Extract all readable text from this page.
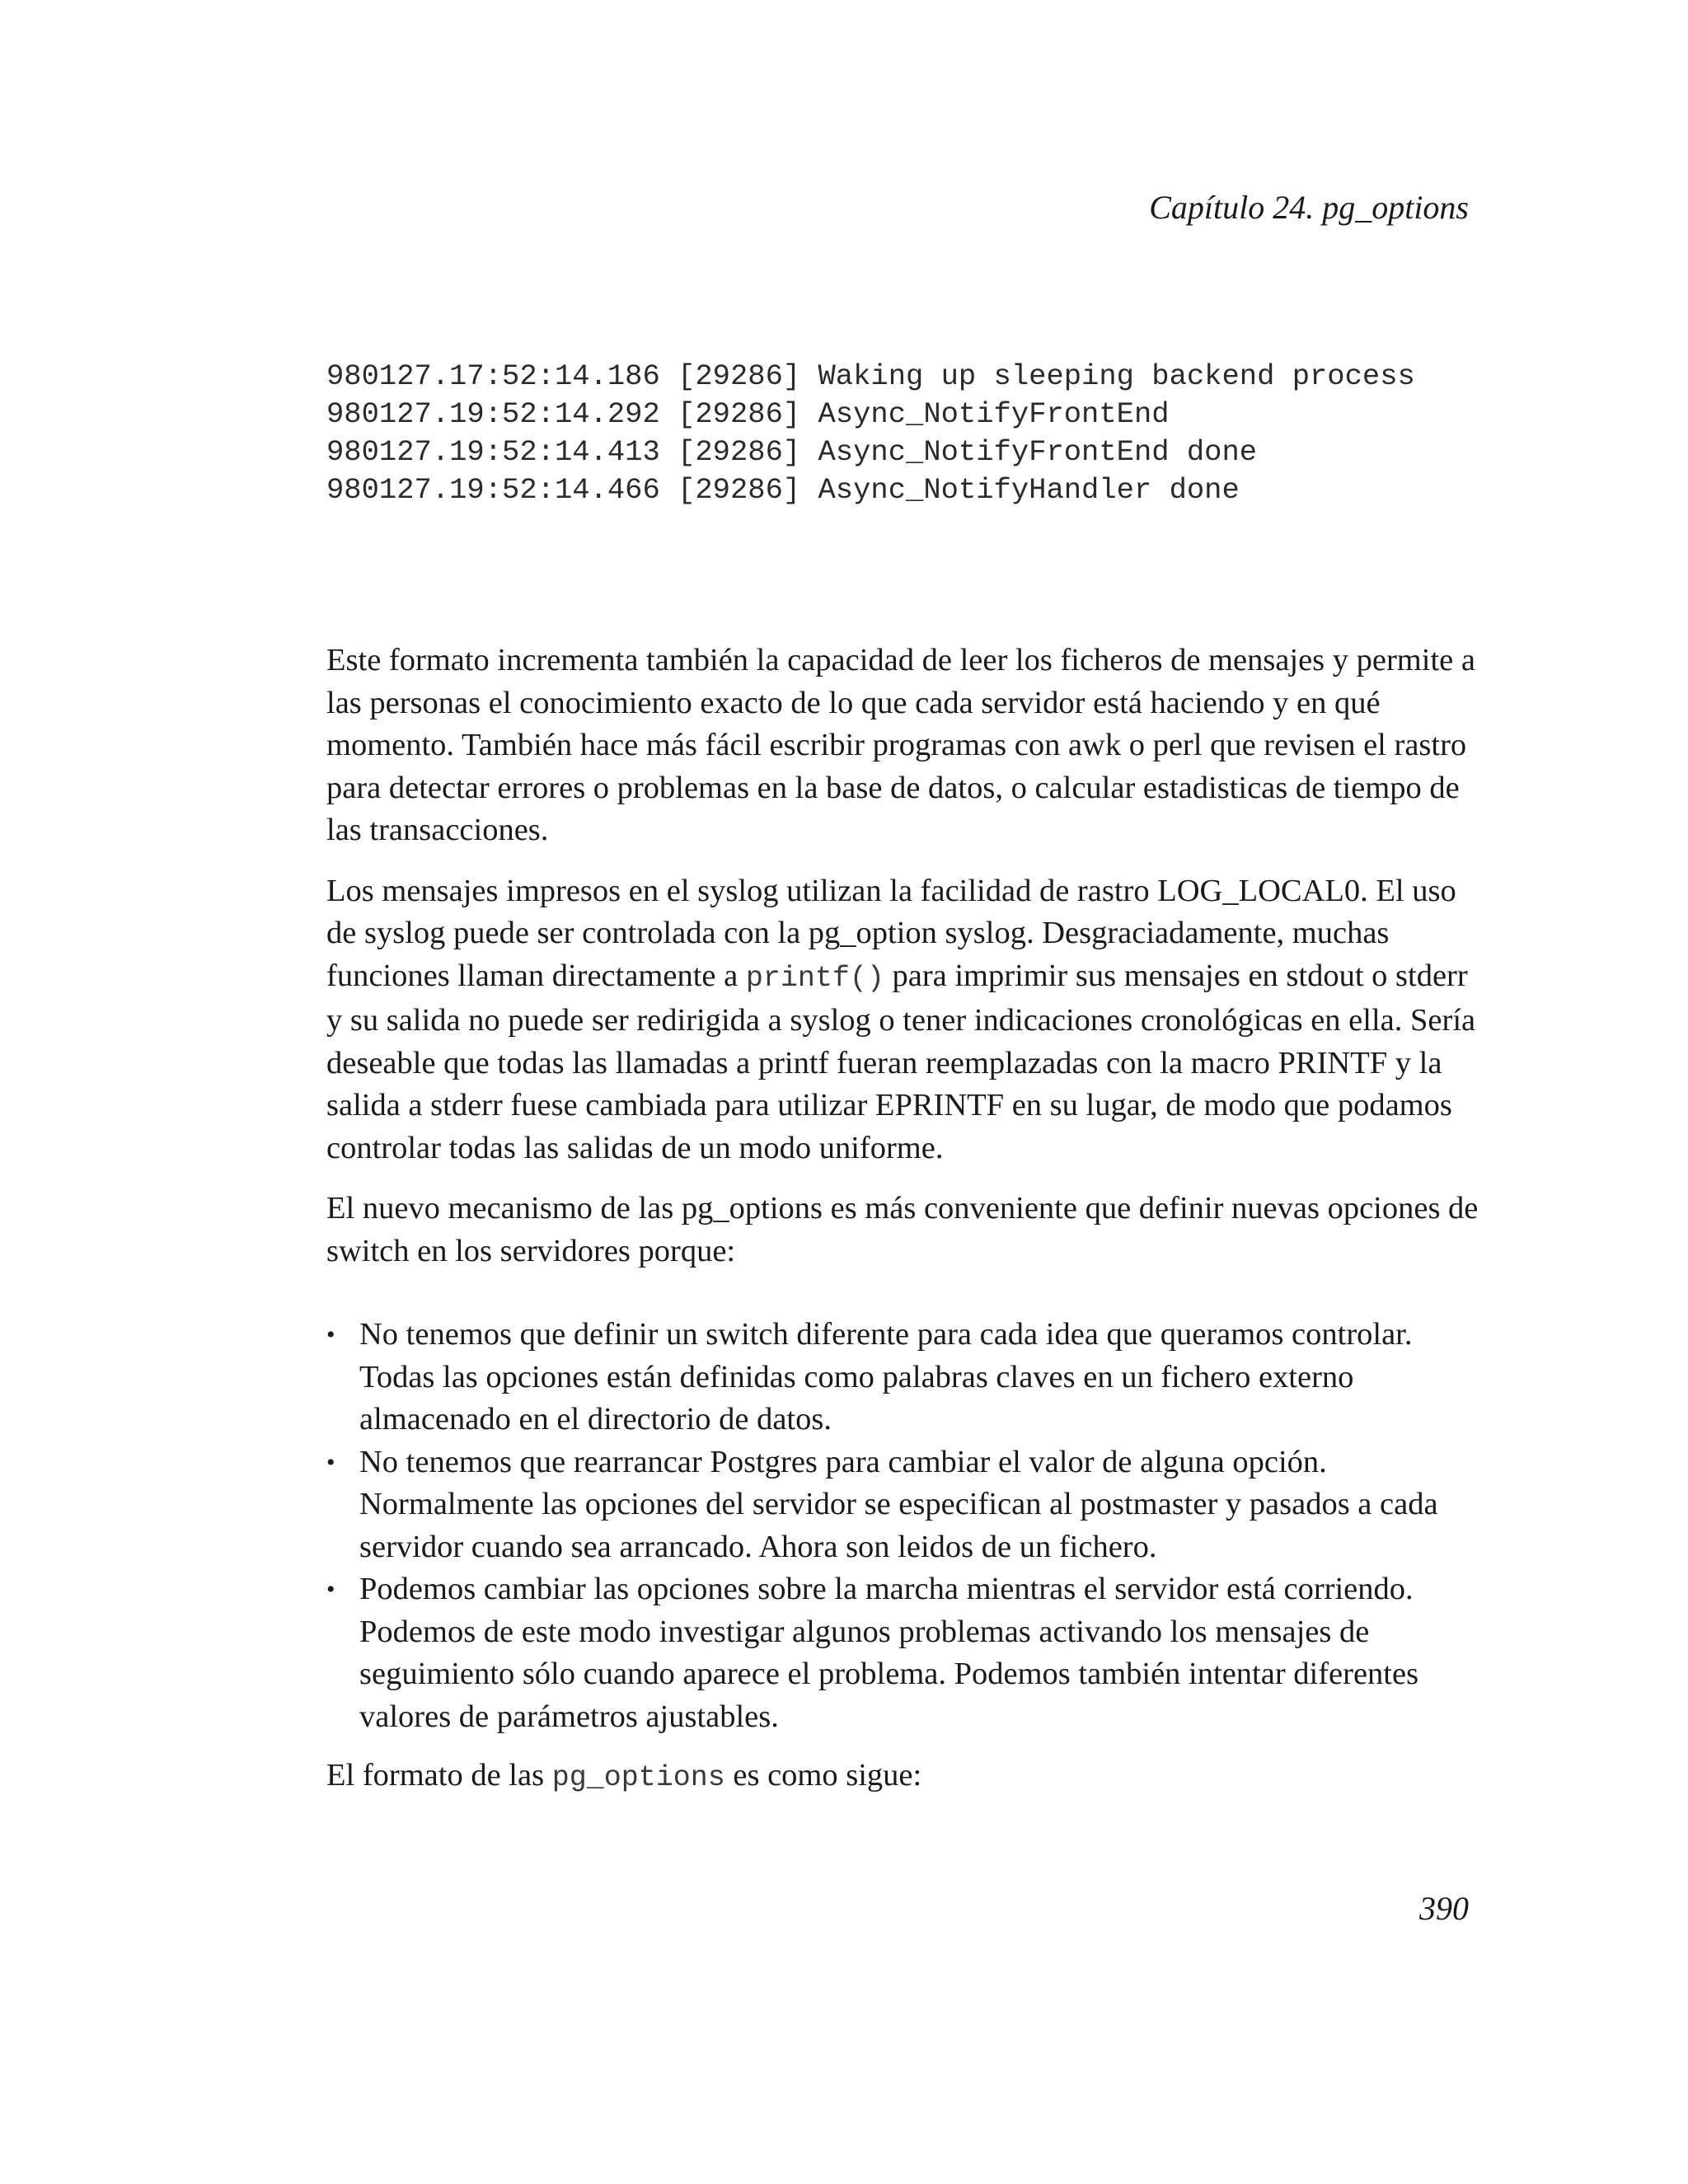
Capítulo 24. pg_options
980127.17:52:14.186 [29286] Waking up sleeping backend process
980127.19:52:14.292 [29286] Async_NotifyFrontEnd
980127.19:52:14.413 [29286] Async_NotifyFrontEnd done
980127.19:52:14.466 [29286] Async_NotifyHandler done

Este formato incrementa también la capacidad de leer los ficheros de mensajes y permite a las personas el conocimiento exacto de lo que cada servidor está haciendo y en qué momento. También hace más fácil escribir programas con awk o perl que revisen el rastro para detectar errores o problemas en la base de datos, o calcular estadisticas de tiempo de las transacciones.

Los mensajes impresos en el syslog utilizan la facilidad de rastro LOG_LOCAL0. El uso de syslog puede ser controlada con la pg_option syslog. Desgraciadamente, muchas funciones llaman directamente a printf() para imprimir sus mensajes en stdout o stderr y su salida no puede ser redirigida a syslog o tener indicaciones cronológicas en ella. Sería deseable que todas las llamadas a printf fueran reemplazadas con la macro PRINTF y la salida a stderr fuese cambiada para utilizar EPRINTF en su lugar, de modo que podamos controlar todas las salidas de un modo uniforme.

El nuevo mecanismo de las pg_options es más conveniente que definir nuevas opciones de switch en los servidores porque:

• No tenemos que definir un switch diferente para cada idea que queramos controlar. Todas las opciones están definidas como palabras claves en un fichero externo almacenado en el directorio de datos.
• No tenemos que rearrancar Postgres para cambiar el valor de alguna opción. Normalmente las opciones del servidor se especifican al postmaster y pasados a cada servidor cuando sea arrancado. Ahora son leidos de un fichero.
• Podemos cambiar las opciones sobre la marcha mientras el servidor está corriendo. Podemos de este modo investigar algunos problemas activando los mensajes de seguimiento sólo cuando aparece el problema. Podemos también intentar diferentes valores de parámetros ajustables.

El formato de las pg_options es como sigue:

390
